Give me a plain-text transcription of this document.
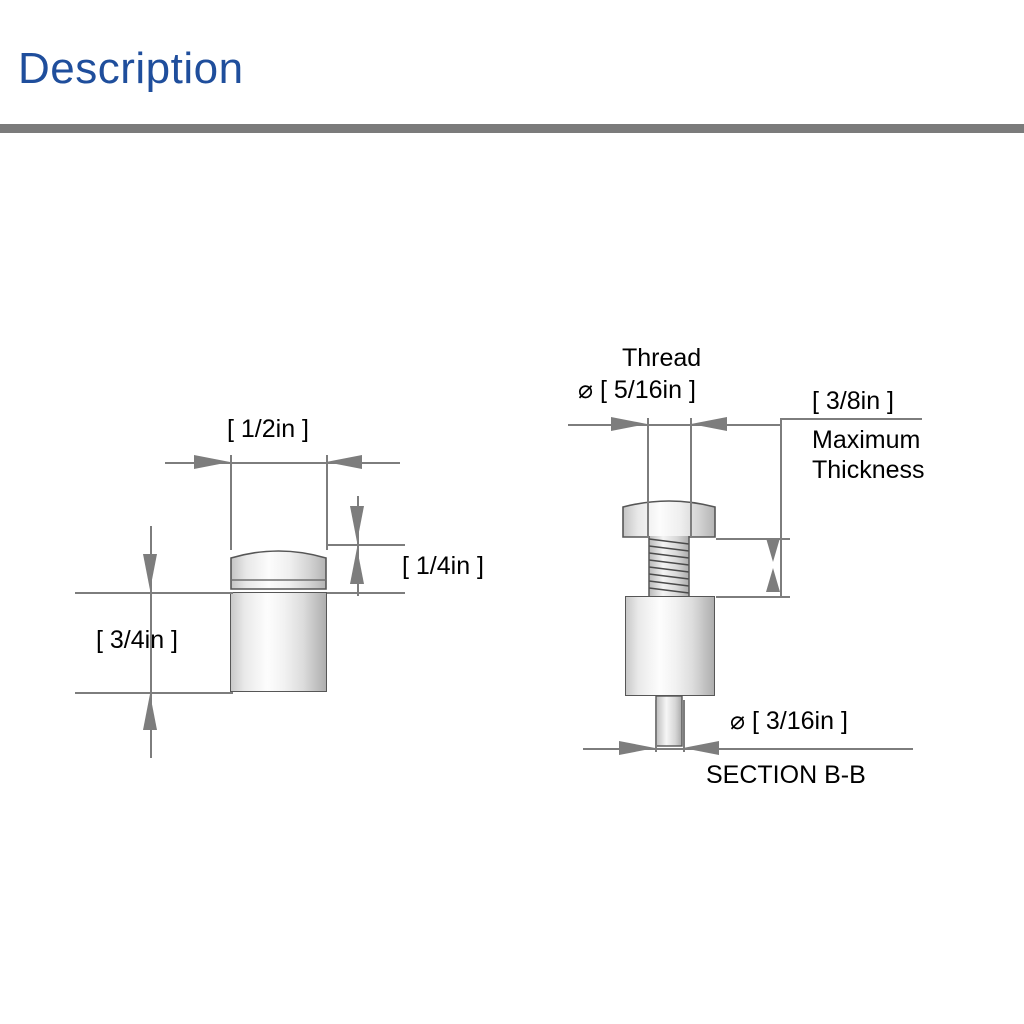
Description
[ 1/2in ]
[ 1/4in ]
[ 3/4in ]
Thread
⌀ [ 5/16in ]	[ 3/8in ]
Maximum
Thickness
⌀ [ 3/16in ]
SECTION B-B
